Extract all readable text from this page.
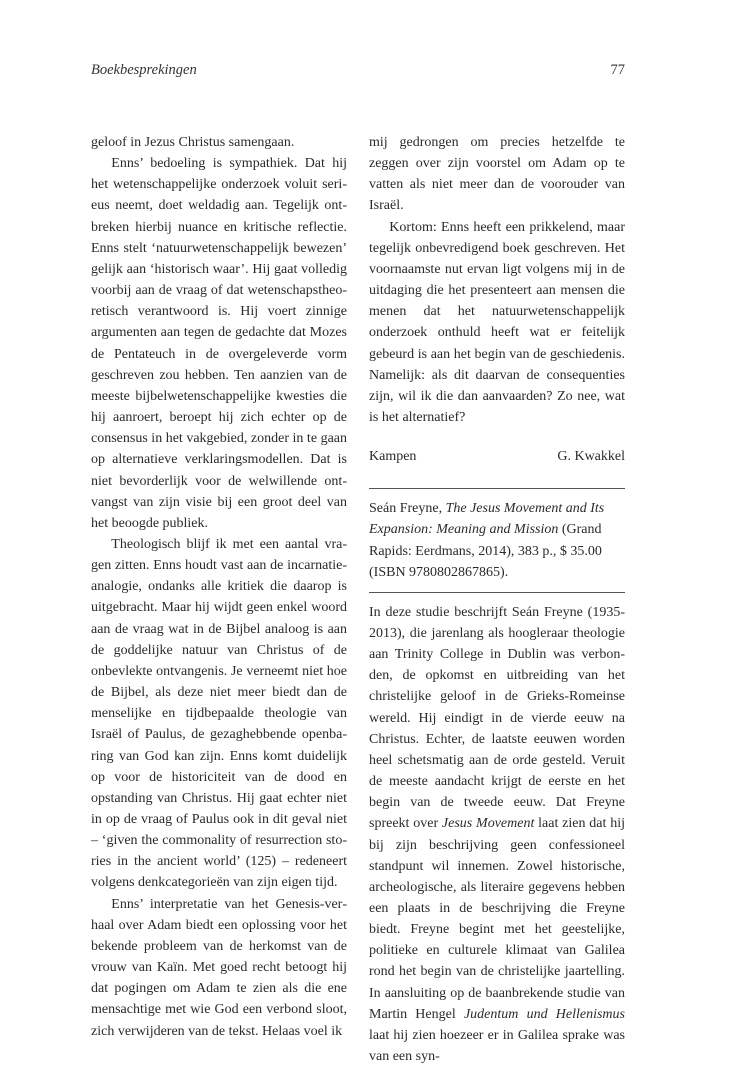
Boekbesprekingen	77

geloof in Jezus Christus samengaan.

Enns’ bedoeling is sympathiek. Dat hij het wetenschappelijke onderzoek voluit serieus neemt, doet weldadig aan. Tegelijk ontbreken hierbij nuance en kritische reflectie. Enns stelt ‘natuurwetenschappelijk bewezen’ gelijk aan ‘historisch waar’. Hij gaat volledig voorbij aan de vraag of dat wetenschapstheoretisch verantwoord is. Hij voert zinnige argumenten aan tegen de gedachte dat Mozes de Pentateuch in de overgeleverde vorm geschreven zou hebben. Ten aanzien van de meeste bijbelwetenschappelijke kwesties die hij aanroert, beroept hij zich echter op de consensus in het vakgebied, zonder in te gaan op alternatieve verklaringsmodellen. Dat is niet bevorderlijk voor de welwillende ontvangst van zijn visie bij een groot deel van het beoogde publiek.

Theologisch blijf ik met een aantal vragen zitten. Enns houdt vast aan de incarnatie-analogie, ondanks alle kritiek die daarop is uitgebracht. Maar hij wijdt geen enkel woord aan de vraag wat in de Bijbel analoog is aan de goddelijke natuur van Christus of de onbevlekte ontvangenis. Je verneemt niet hoe de Bijbel, als deze niet meer biedt dan de menselijke en tijdbepaalde theologie van Israël of Paulus, de gezaghebbende openbaring van God kan zijn. Enns komt duidelijk op voor de historiciteit van de dood en opstanding van Christus. Hij gaat echter niet in op de vraag of Paulus ook in dit geval niet – ‘given the commonality of resurrection stories in the ancient world’ (125) – redeneert volgens denkcategorieën van zijn eigen tijd.

Enns’ interpretatie van het Genesis-verhaal over Adam biedt een oplossing voor het bekende probleem van de herkomst van de vrouw van Kaïn. Met goed recht betoogt hij dat pogingen om Adam te zien als die ene mensachtige met wie God een verbond sloot, zich verwijderen van de tekst. Helaas voel ik

mij gedrongen om precies hetzelfde te zeggen over zijn voorstel om Adam op te vatten als niet meer dan de voorouder van Israël.

Kortom: Enns heeft een prikkelend, maar tegelijk onbevredigend boek geschreven. Het voornaamste nut ervan ligt volgens mij in de uitdaging die het presenteert aan mensen die menen dat het natuurwetenschappelijk onderzoek onthuld heeft wat er feitelijk gebeurd is aan het begin van de geschiedenis. Namelijk: als dit daarvan de consequenties zijn, wil ik die dan aanvaarden? Zo nee, wat is het alternatief?

Kampen	G. Kwakkel

Seán Freyne, The Jesus Movement and Its Expansion: Meaning and Mission (Grand Rapids: Eerdmans, 2014), 383 p., $ 35.00 (ISBN 9780802867865).

In deze studie beschrijft Seán Freyne (1935-2013), die jarenlang als hoogleraar theologie aan Trinity College in Dublin was verbonden, de opkomst en uitbreiding van het christelijke geloof in de Grieks-Romeinse wereld. Hij eindigt in de vierde eeuw na Christus. Echter, de laatste eeuwen worden heel schetsmatig aan de orde gesteld. Veruit de meeste aandacht krijgt de eerste en het begin van de tweede eeuw. Dat Freyne spreekt over Jesus Movement laat zien dat hij bij zijn beschrijving geen confessioneel standpunt wil innemen. Zowel historische, archeologische, als literaire gegevens hebben een plaats in de beschrijving die Freyne biedt. Freyne begint met het geestelijke, politieke en culturele klimaat van Galilea rond het begin van de christelijke jaartelling. In aansluiting op de baanbrekende studie van Martin Hengel Judentum und Hellenismus laat hij zien hoezeer er in Galilea sprake was van een syn-
